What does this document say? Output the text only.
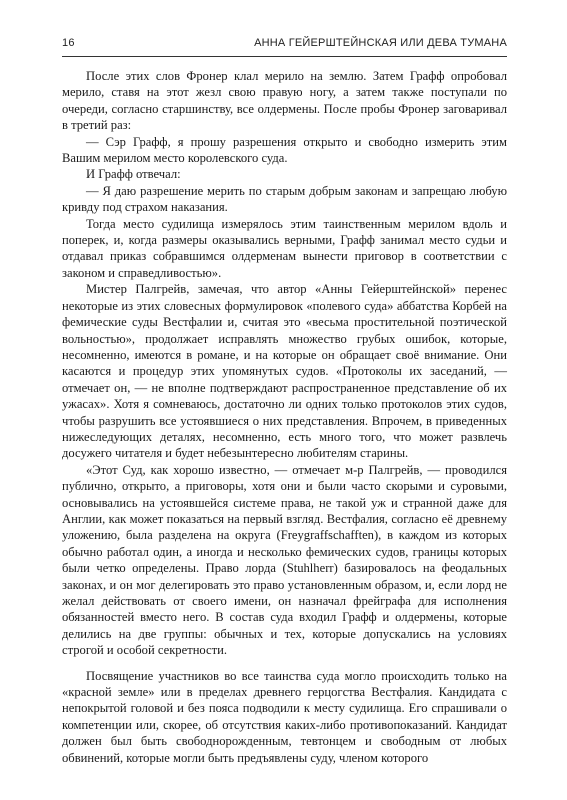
16	АННА ГЕЙЕРШТЕЙНСКАЯ ИЛИ ДЕВА ТУМАНА

После этих слов Фронер клал мерило на землю. Затем Графф опробовал мерило, ставя на этот жезл свою правую ногу, а затем также поступали по очереди, согласно старшинству, все олдермены. После пробы Фронер заговаривал в третий раз:

— Сэр Графф, я прошу разрешения открыто и свободно измерить этим Вашим мерилом место королевского суда.

И Графф отвечал:

— Я даю разрешение мерить по старым добрым законам и запрещаю любую кривду под страхом наказания.

Тогда место судилища измерялось этим таинственным мерилом вдоль и поперек, и, когда размеры оказывались верными, Графф занимал место судьи и отдавал приказ собравшимся олдерменам вынести приговор в соответствии с законом и справедливостью».

Мистер Палгрейв, замечая, что автор «Анны Гейерштейнской» перенес некоторые из этих словесных формулировок «полевого суда» аббатства Корбей на фемические суды Вестфалии и, считая это «весьма простительной поэтической вольностью», продолжает исправлять множество грубых ошибок, которые, несомненно, имеются в романе, и на которые он обращает своё внимание. Они касаются и процедур этих упомянутых судов. «Протоколы их заседаний, — отмечает он, — не вполне подтверждают распространенное представление об их ужасах». Хотя я сомневаюсь, достаточно ли одних только протоколов этих судов, чтобы разрушить все устоявшиеся о них представления. Впрочем, в приведенных нижеследующих деталях, несомненно, есть много того, что может развлечь досужего читателя и будет небезынтересно любителям старины.

«Этот Суд, как хорошо известно, — отмечает м-р Палгрейв, — проводился публично, открыто, а приговоры, хотя они и были часто скорыми и суровыми, основывались на устоявшейся системе права, не такой уж и странной даже для Англии, как может показаться на первый взгляд. Вестфалия, согласно её древнему уложению, была разделена на округа (Freygraffschafften), в каждом из которых обычно работал один, а иногда и несколько фемических судов, границы которых были четко определены. Право лорда (Stuhlherr) базировалось на феодальных законах, и он мог делегировать это право установленным образом, и, если лорд не желал действовать от своего имени, он назначал фрейграфа для исполнения обязанностей вместо него. В состав суда входил Графф и олдермены, которые делились на две группы: обычных и тех, которые допускались на условиях строгой и особой секретности.

Посвящение участников во все таинства суда могло происходить только на «красной земле» или в пределах древнего герцогства Вестфалия. Кандидата с непокрытой головой и без пояса подводили к месту судилища. Его спрашивали о компетенции или, скорее, об отсутствия каких-либо противопоказаний. Кандидат должен был быть свободнорожденным, тевтонцем и свободным от любых обвинений, которые могли быть предъявлены суду, членом которого
